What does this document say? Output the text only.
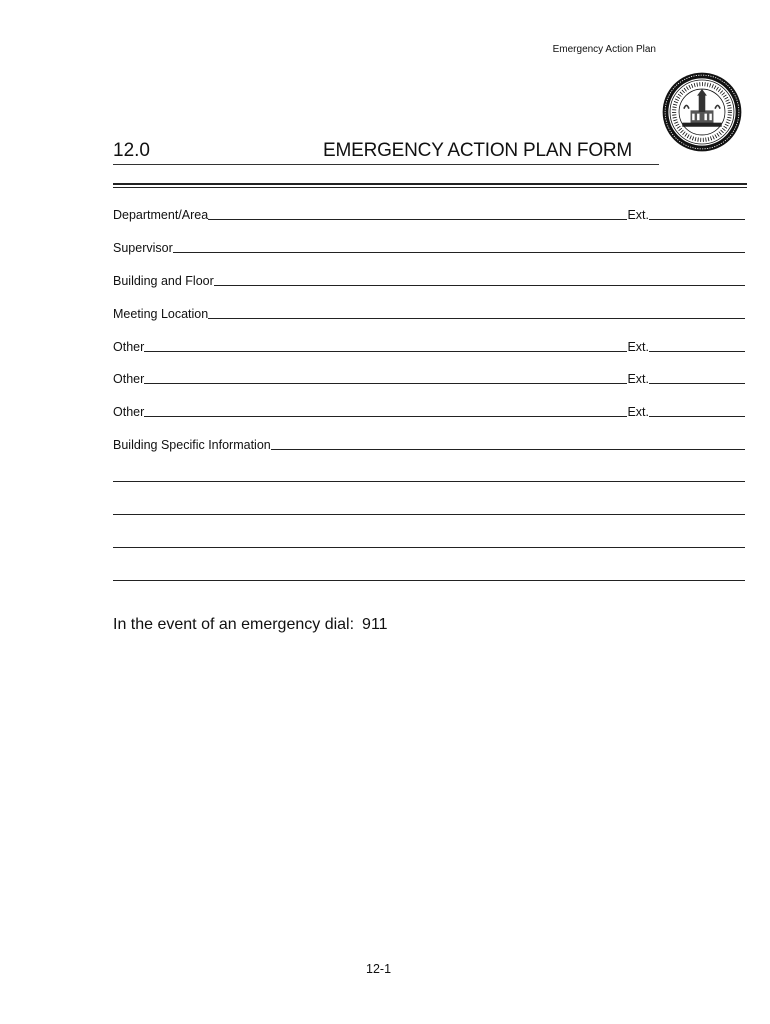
Emergency Action Plan
12.0	EMERGENCY ACTION PLAN FORM
Department/Area	Ext.
Supervisor
Building and Floor
Meeting Location
Other	Ext.
Other	Ext.
Other	Ext.
Building Specific Information
In the event of an emergency dial: 911
12-1
